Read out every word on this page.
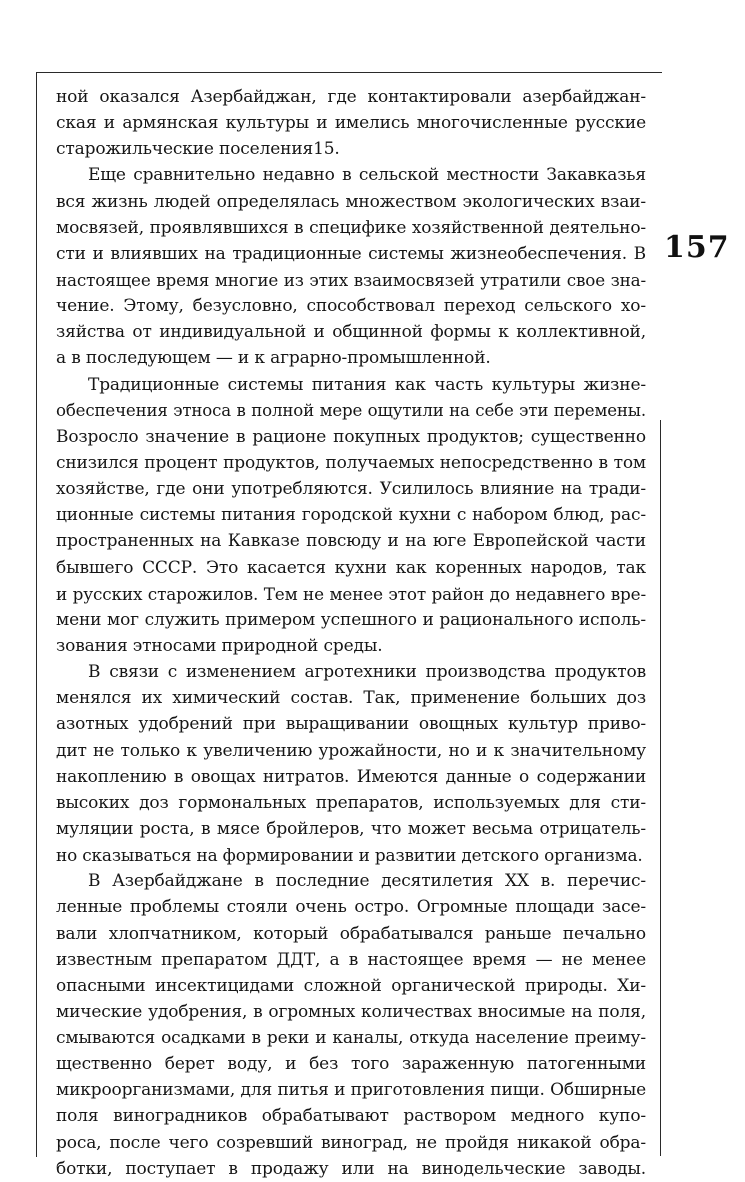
157
ной оказался Азербайджан, где контактировали азербайджан-
ская и армянская культуры и имелись многочисленные русские
старожильческие поселения15.
Еще сравнительно недавно в сельской местности Закавказья
вся жизнь людей определялась множеством экологических взаи-
мосвязей, проявлявшихся в специфике хозяйственной деятельно-
сти и влиявших на традиционные системы жизнеобеспечения. В
настоящее время многие из этих взаимосвязей утратили свое зна-
чение. Этому, безусловно, способствовал переход сельского хо-
зяйства от индивидуальной и общинной формы к коллективной,
а в последующем — и к аграрно-промышленной.
Традиционные системы питания как часть культуры жизне-
обеспечения этноса в полной мере ощутили на себе эти перемены.
Возросло значение в рационе покупных продуктов; существенно
снизился процент продуктов, получаемых непосредственно в том
хозяйстве, где они употребляются. Усилилось влияние на тради-
ционные системы питания городской кухни с набором блюд, рас-
пространенных на Кавказе повсюду и на юге Европейской части
бывшего СССР. Это касается кухни как коренных народов, так
и русских старожилов. Тем не менее этот район до недавнего вре-
мени мог служить примером успешного и рационального исполь-
зования этносами природной среды.
В связи с изменением агротехники производства продуктов
менялся их химический состав. Так, применение больших доз
азотных удобрений при выращивании овощных культур приво-
дит не только к увеличению урожайности, но и к значительному
накоплению в овощах нитратов. Имеются данные о содержании
высоких доз гормональных препаратов, используемых для сти-
муляции роста, в мясе бройлеров, что может весьма отрицатель-
но сказываться на формировании и развитии детского организма.
В Азербайджане в последние десятилетия XX в. перечис-
ленные проблемы стояли очень остро. Огромные площади засе-
вали хлопчатником, который обрабатывался раньше печально
известным препаратом ДДТ, а в настоящее время — не менее
опасными инсектицидами сложной органической природы. Хи-
мические удобрения, в огромных количествах вносимые на поля,
смываются осадками в реки и каналы, откуда население преиму-
щественно берет воду, и без того зараженную патогенными
микроорганизмами, для питья и приготовления пищи. Обширные
поля виноградников обрабатывают раствором медного купо-
роса, после чего созревший виноград, не пройдя никакой обра-
ботки, поступает в продажу или на винодельческие заводы.
